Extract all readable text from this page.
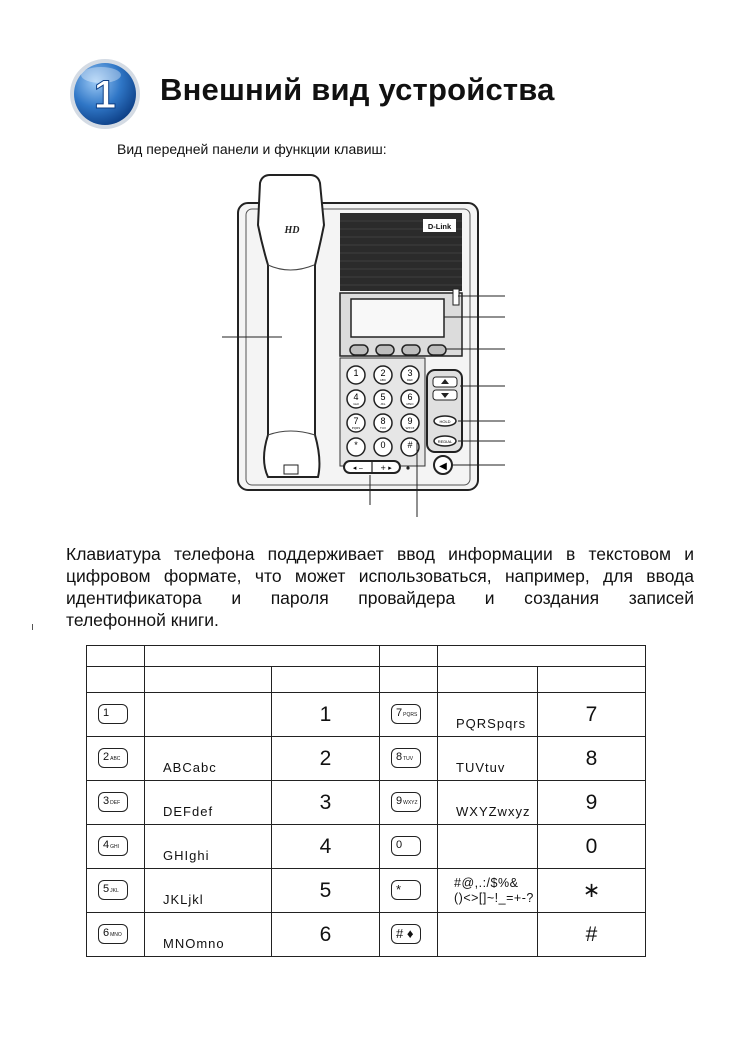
1 Внешний вид устройства
Вид передней панели и функции клавиш:
D-Link
1 2
ABC
3
DEF
4
GHI
5
JKL
6
MNO
7
PQRS
8
TUV
9
WXYZ
*	0 #
HOLD
REDIAL
◀
◂ ‒ + ▸
HD

Клавиатура телефона поддерживает ввод информации в текстовом и
цифровом формате, что может использоваться, например, для ввода
идентификатора и пароля провайдера и создания записей
телефонной книги.

1		1	7PQRS	PQRSpqrs	7

2ABC	ABCabc	2	8TUV	TUVtuv	8

3DEF	DEFdef	3	9WXYZ	WXYZwxyz	9

4GHI	GHIghi	4	0		0

5JKL	JKLjkl	5	*	#@,.:/$%&
()<>[]~!_=+-?	∗

6MNO	MNOmno	6	# ♦		#
